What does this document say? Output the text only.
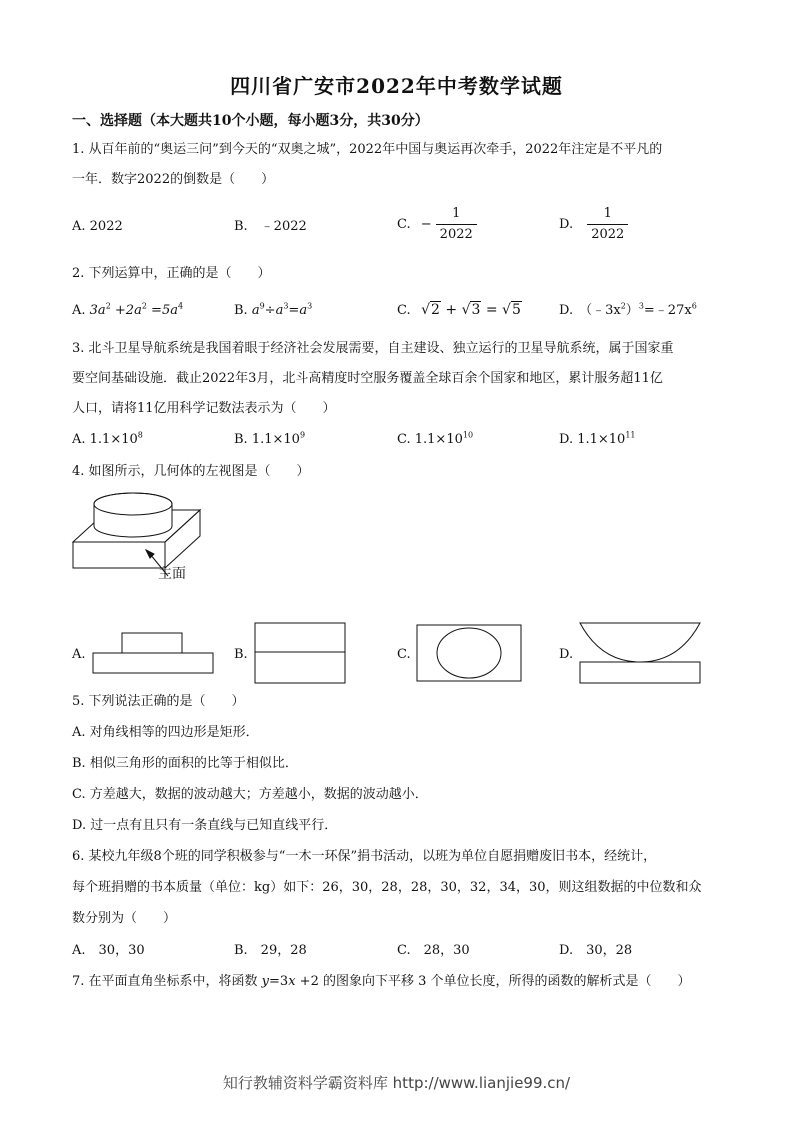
四川省广安市2022年中考数学试题
一、选择题（本大题共10个小题，每小题3分，共30分）
1. 从百年前的“奥运三问”到今天的“双奥之城”，2022年中国与奥运再次牵手，2022年注定是不平凡的
一年．数字2022的倒数是（　　）
A. 2022	B.　﹣2022	C. − $\frac{1}{2022}$	D. $\frac{1}{2022}$
2. 下列运算中，正确的是（　　）
A. $3a^2 +2a^2 =5a^4$	B. $a^9\div a^3=a^3$	C. √2 + √3 = √5	D. $(﹣3x^2)^3=﹣27x^6$
3. 北斗卫星导航系统是我国着眼于经济社会发展需要，自主建设、独立运行的卫星导航系统，属于国家重
要空间基础设施．截止2022年3月，北斗高精度时空服务覆盖全球百余个国家和地区，累计服务超11亿
人口，请将11亿用科学记数法表示为（　　）
A. $1.1\times 10^8$	B. $1.1\times 10^9$	C. $1.1\times 10^{10}$	D. $1.1\times 10^{11}$
4. 如图所示，几何体的左视图是（　　）
主面
A.	B.	C.	D.
5. 下列说法正确的是（　　）
A. 对角线相等的四边形是矩形．
B. 相似三角形的面积的比等于相似比．
C. 方差越大，数据的波动越大；方差越小，数据的波动越小．
D. 过一点有且只有一条直线与已知直线平行．
6. 某校九年级8个班的同学积极参与“一木一环保”捐书活动，以班为单位自愿捐赠废旧书本，经统计，
每个班捐赠的书本质量（单位：kg）如下：26，30，28，28，30，32，34，30，则这组数据的中位数和众
数分别为（　　）
A.　30，30	B.　29，28	C.　28，30	D.　30，28
7. 在平面直角坐标系中，将函数 y=3x +2 的图象向下平移 3 个单位长度，所得的函数的解析式是（　　）
知行教辅资料学霸资料库 http://www.lianjie99.cn/
